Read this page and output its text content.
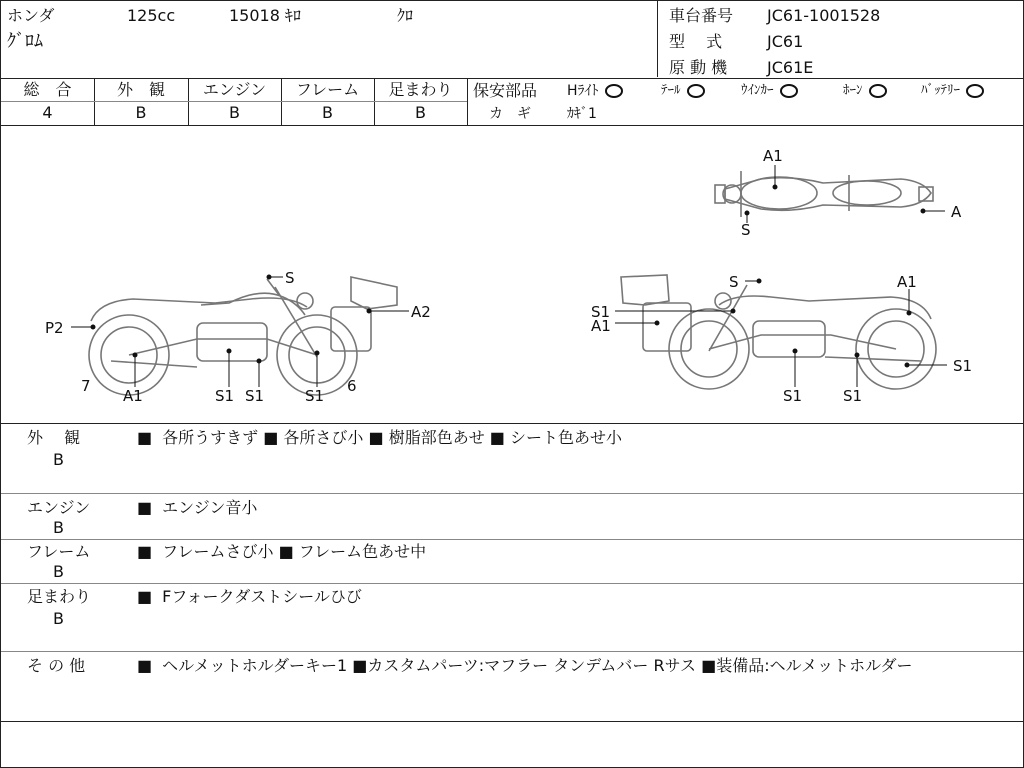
ホンダ	125cc	15018 ｷﾛ	ｸﾛ
ｸﾞﾛﾑ
車台番号 JC61-1001528
型　 式	JC61
原 動 機 JC61E
総　合	外　観	エンジン	フレーム	足まわり
4	B	B	B	B
保安部品 Hﾗｲﾄ	ﾃｰﾙ	ｳｲﾝｶｰ	ﾎｰﾝ	ﾊﾞｯﾃﾘｰ
カ　ギ	ｶｷﾞ1
A1
A
S
S
A2
P2
7
A1	S1 S1	S1
6
S
S1
A1
A1
S1	S1
S1
外　 観
B
■ 各所うすきず ■ 各所さび小 ■ 樹脂部色あせ ■ シート色あせ小
エンジン
B
■ エンジン音小
フレーム
B
■ フレームさび小 ■ フレーム色あせ中
足まわり
B
■ Fフォークダストシールひび
そ の 他
■	ヘルメットホルダーキー1 ■カスタムパーツ:マフラー タンデムバー Rサス ■装備品:ヘルメットホルダー
